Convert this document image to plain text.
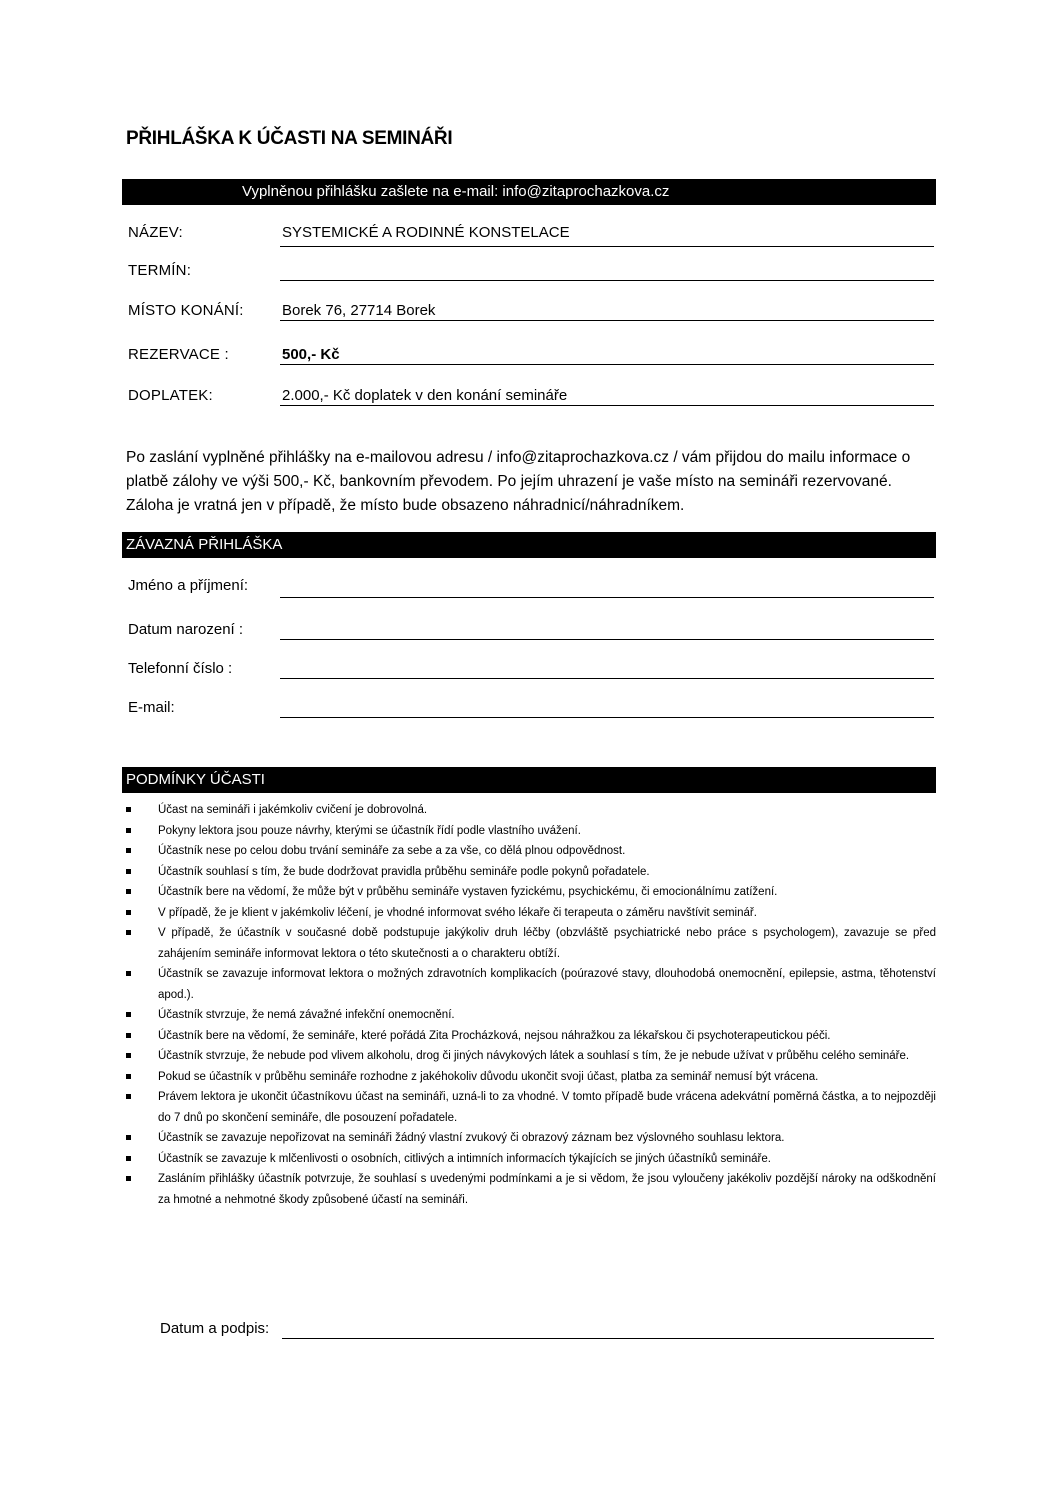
PŘIHLÁŠKA K ÚČASTI NA SEMINÁŘI
Vyplněnou přihlášku zašlete na e-mail: info@zitaprochazkova.cz
NÁZEV:	SYSTEMICKÉ A RODINNÉ KONSTELACE
TERMÍN:
MÍSTO KONÁNÍ:	Borek 76, 27714 Borek
REZERVACE :	500,- Kč
DOPLATEK:	2.000,- Kč doplatek v den konání semináře
Po zaslání vyplněné přihlášky na e-mailovou adresu / info@zitaprochazkova.cz / vám přijdou do mailu informace o platbě zálohy ve výši 500,- Kč, bankovním převodem. Po jejím uhrazení je vaše místo na semináři rezervované. Záloha je vratná jen v případě, že místo bude obsazeno náhradnicí/náhradníkem.
ZÁVAZNÁ PŘIHLÁŠKA
Jméno a příjmení:
Datum narození :
Telefonní číslo :
E-mail:
PODMÍNKY ÚČASTI
Účast na semináři i jakémkoliv cvičení je dobrovolná.
Pokyny lektora jsou pouze návrhy, kterými se účastník řídí podle vlastního uvážení.
Účastník nese po celou dobu trvání semináře za sebe a za vše, co dělá plnou odpovědnost.
Účastník souhlasí s tím, že bude dodržovat pravidla průběhu semináře podle pokynů pořadatele.
Účastník bere na vědomí, že může být v průběhu semináře vystaven fyzickému, psychickému, či emocionálnímu zatížení.
V případě, že je klient v jakémkoliv léčení, je vhodné informovat svého lékaře či terapeuta o záměru navštívit seminář.
V případě, že účastník v současné době podstupuje jakýkoliv druh léčby (obzvláště psychiatrické nebo práce s psychologem), zavazuje se před zahájením semináře informovat lektora o této skutečnosti a o charakteru obtíží.
Účastník se zavazuje informovat lektora o možných zdravotních komplikacích (poúrazové stavy, dlouhodobá onemocnění, epilepsie, astma, těhotenství apod.).
Účastník stvrzuje, že nemá závažné infekční onemocnění.
Účastník bere na vědomí, že semináře, které pořádá Zita Procházková, nejsou náhražkou za lékařskou či psychoterapeutickou péči.
Účastník stvrzuje, že nebude pod vlivem alkoholu, drog či jiných návykových látek a souhlasí s tím, že je nebude užívat v průběhu celého semináře.
Pokud se účastník v průběhu semináře rozhodne z jakéhokoliv důvodu ukončit svoji účast, platba za seminář nemusí být vrácena.
Právem lektora je ukončit účastníkovu účast na semináři, uzná-li to za vhodné. V tomto případě bude vrácena adekvátní poměrná částka, a to nejpozději do 7 dnů po skončení semináře, dle posouzení pořadatele.
Účastník se zavazuje nepořizovat na semináři žádný vlastní zvukový či obrazový záznam bez výslovného souhlasu lektora.
Účastník se zavazuje k mlčenlivosti o osobních, citlivých a intimních informacích týkajících se jiných účastníků semináře.
Zasláním přihlášky účastník potvrzuje, že souhlasí s uvedenými podmínkami a je si vědom, že jsou vyloučeny jakékoliv pozdější nároky na odškodnění za hmotné a nehmotné škody způsobené účastí na semináři.
Datum a podpis:
